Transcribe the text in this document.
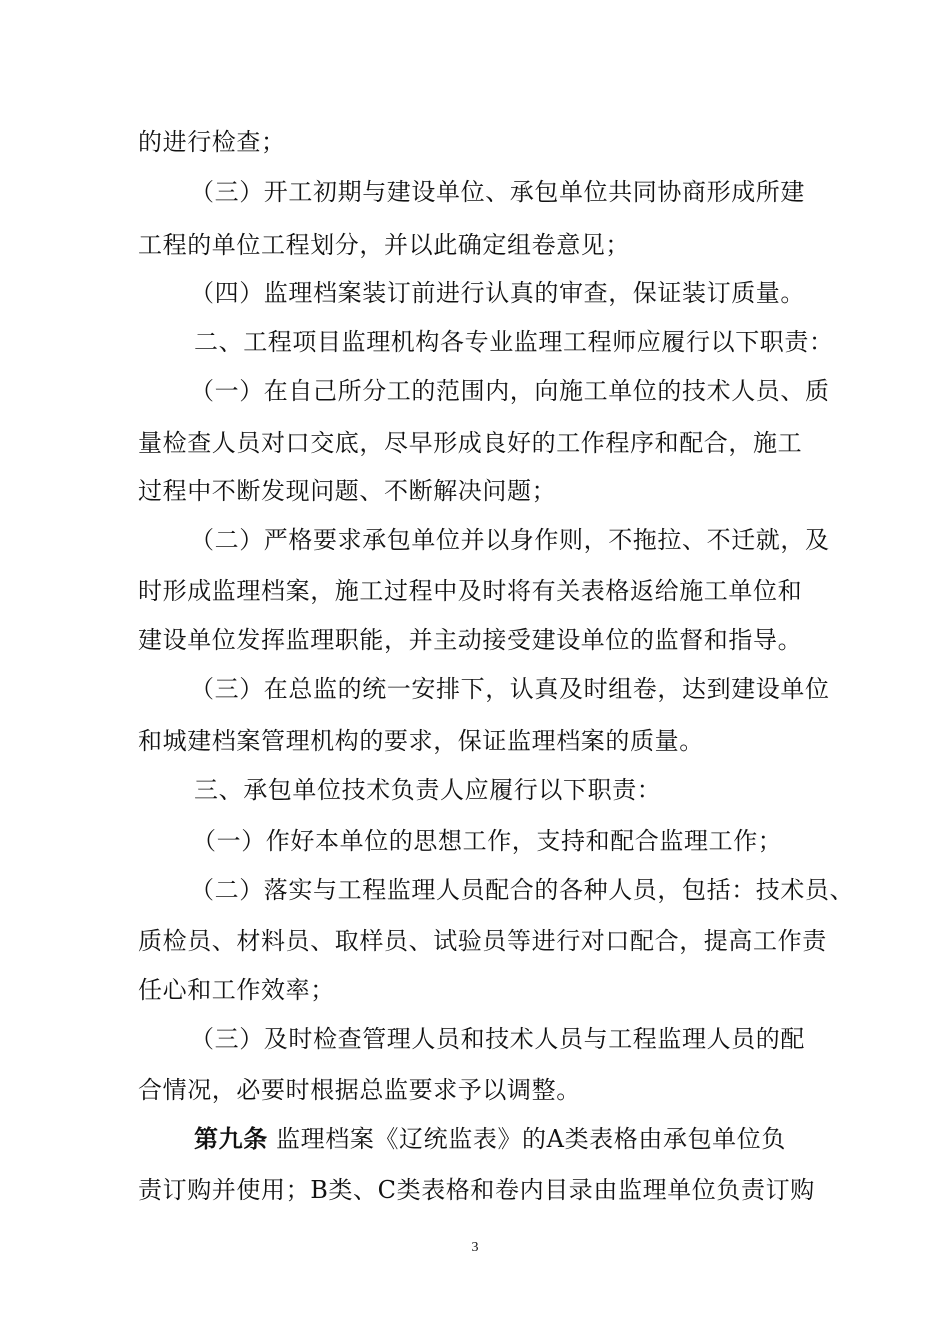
的进行检查；
（三）开工初期与建设单位、承包单位共同协商形成所建
工程的单位工程划分，并以此确定组卷意见；
（四）监理档案装订前进行认真的审查，保证装订质量。
二、工程项目监理机构各专业监理工程师应履行以下职责：
（一）在自己所分工的范围内，向施工单位的技术人员、质
量检查人员对口交底，尽早形成良好的工作程序和配合，施工
过程中不断发现问题、不断解决问题；
（二）严格要求承包单位并以身作则，不拖拉、不迁就，及
时形成监理档案，施工过程中及时将有关表格返给施工单位和
建设单位发挥监理职能，并主动接受建设单位的监督和指导。
（三）在总监的统一安排下，认真及时组卷，达到建设单位
和城建档案管理机构的要求，保证监理档案的质量。
三、承包单位技术负责人应履行以下职责：
（一）作好本单位的思想工作，支持和配合监理工作；
（二）落实与工程监理人员配合的各种人员，包括：技术员、
质检员、材料员、取样员、试验员等进行对口配合，提高工作责
任心和工作效率；
（三）及时检查管理人员和技术人员与工程监理人员的配
合情况，必要时根据总监要求予以调整。
第九条 监理档案《辽统监表》的A类表格由承包单位负
责订购并使用；B类、C类表格和卷内目录由监理单位负责订购
3
